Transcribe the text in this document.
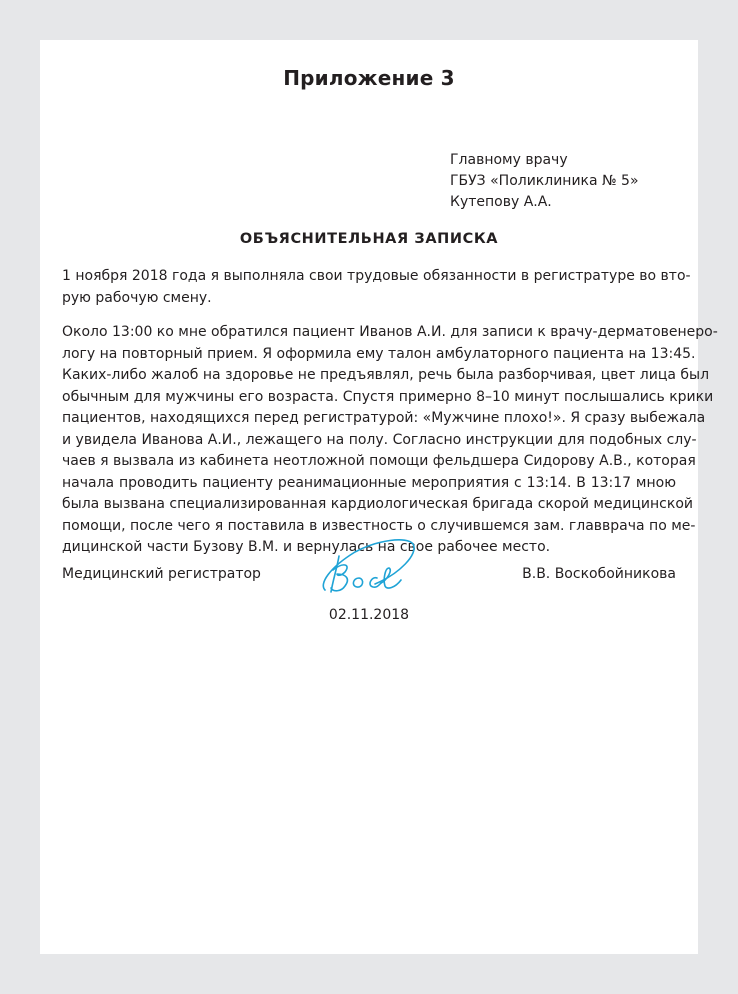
Приложение 3
Главному врачу
ГБУЗ «Поликлиника № 5»
Кутепову А.А.
ОБЪЯСНИТЕЛЬНАЯ ЗАПИСКА
1 ноября 2018 года я выполняла свои трудовые обязанности в регистратуре во вто-
рую рабочую смену.
Около 13:00 ко мне обратился пациент Иванов А.И. для записи к врачу-дерматовенеро-
логу на повторный прием. Я оформила ему талон амбулаторного пациента на 13:45.
Каких-либо жалоб на здоровье не предъявлял, речь была разборчивая, цвет лица был
обычным для мужчины его возраста. Спустя примерно 8–10 минут послышались крики
пациентов, находящихся перед регистратурой: «Мужчине плохо!». Я сразу выбежала
и увидела Иванова А.И., лежащего на полу. Согласно инструкции для подобных слу-
чаев я вызвала из кабинета неотложной помощи фельдшера Сидорову А.В., которая
начала проводить пациенту реанимационные мероприятия с 13:14. В 13:17 мною
была вызвана специализированная кардиологическая бригада скорой медицинской
помощи, после чего я поставила в известность о случившемся зам. главврача по ме-
дицинской части Бузову В.М. и вернулась на свое рабочее место.
Медицинский регистратор	В.В. Воскобойникова
02.11.2018
